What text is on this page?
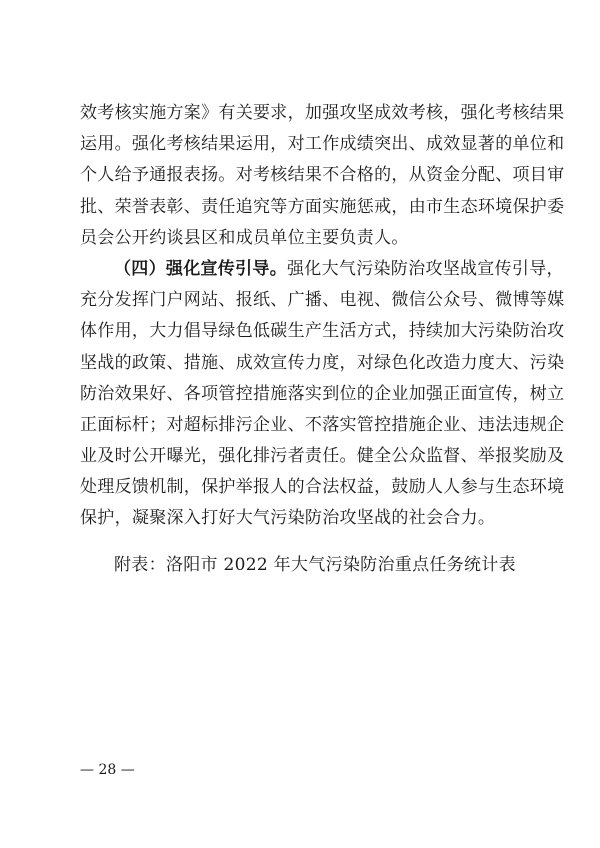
效考核实施方案》有关要求，加强攻坚成效考核，强化考核结果
运用。强化考核结果运用，对工作成绩突出、成效显著的单位和
个人给予通报表扬。对考核结果不合格的，从资金分配、项目审
批、荣誉表彰、责任追究等方面实施惩戒，由市生态环境保护委
员会公开约谈县区和成员单位主要负责人。
（四）强化宣传引导。强化大气污染防治攻坚战宣传引导，
充分发挥门户网站、报纸、广播、电视、微信公众号、微博等媒
体作用，大力倡导绿色低碳生产生活方式，持续加大污染防治攻
坚战的政策、措施、成效宣传力度，对绿色化改造力度大、污染
防治效果好、各项管控措施落实到位的企业加强正面宣传，树立
正面标杆；对超标排污企业、不落实管控措施企业、违法违规企
业及时公开曝光，强化排污者责任。健全公众监督、举报奖励及
处理反馈机制，保护举报人的合法权益，鼓励人人参与生态环境
保护，凝聚深入打好大气污染防治攻坚战的社会合力。
附表：洛阳市 2022 年大气污染防治重点任务统计表
— 28 —
